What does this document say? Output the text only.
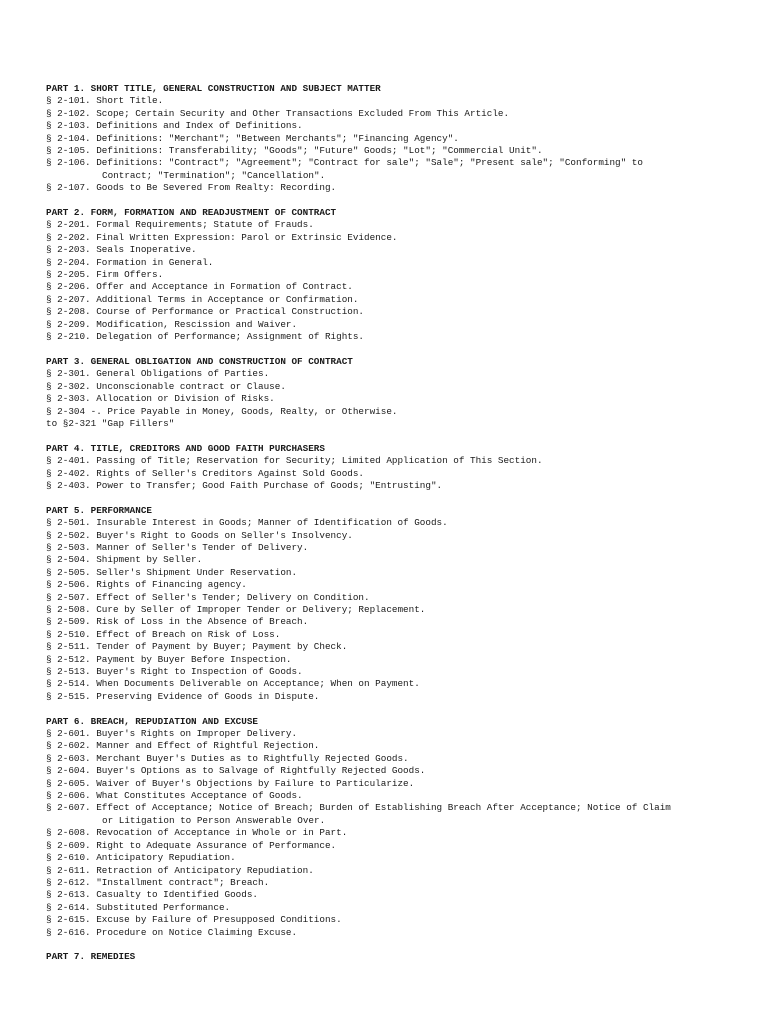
PART 1. SHORT TITLE, GENERAL CONSTRUCTION AND SUBJECT MATTER
§ 2-101. Short Title.
§ 2-102. Scope; Certain Security and Other Transactions Excluded From This Article.
§ 2-103. Definitions and Index of Definitions.
§ 2-104. Definitions: "Merchant"; "Between Merchants"; "Financing Agency".
§ 2-105. Definitions: Transferability; "Goods"; "Future" Goods; "Lot"; "Commercial Unit".
§ 2-106. Definitions: "Contract"; "Agreement"; "Contract for sale"; "Sale"; "Present sale"; "Conforming" to
Contract; "Termination"; "Cancellation".
§ 2-107. Goods to Be Severed From Realty: Recording.
PART 2. FORM, FORMATION AND READJUSTMENT OF CONTRACT
§ 2-201. Formal Requirements; Statute of Frauds.
§ 2-202. Final Written Expression: Parol or Extrinsic Evidence.
§ 2-203. Seals Inoperative.
§ 2-204. Formation in General.
§ 2-205. Firm Offers.
§ 2-206. Offer and Acceptance in Formation of Contract.
§ 2-207. Additional Terms in Acceptance or Confirmation.
§ 2-208. Course of Performance or Practical Construction.
§ 2-209. Modification, Rescission and Waiver.
§ 2-210. Delegation of Performance; Assignment of Rights.
PART 3. GENERAL OBLIGATION AND CONSTRUCTION OF CONTRACT
§ 2-301. General Obligations of Parties.
§ 2-302. Unconscionable contract or Clause.
§ 2-303. Allocation or Division of Risks.
§ 2-304 -. Price Payable in Money, Goods, Realty, or Otherwise.
to §2-321 "Gap Fillers"
PART 4. TITLE, CREDITORS AND GOOD FAITH PURCHASERS
§ 2-401. Passing of Title; Reservation for Security; Limited Application of This Section.
§ 2-402. Rights of Seller's Creditors Against Sold Goods.
§ 2-403. Power to Transfer; Good Faith Purchase of Goods; "Entrusting".
PART 5. PERFORMANCE
§ 2-501. Insurable Interest in Goods; Manner of Identification of Goods.
§ 2-502. Buyer's Right to Goods on Seller's Insolvency.
§ 2-503. Manner of Seller's Tender of Delivery.
§ 2-504. Shipment by Seller.
§ 2-505. Seller's Shipment Under Reservation.
§ 2-506. Rights of Financing agency.
§ 2-507. Effect of Seller's Tender; Delivery on Condition.
§ 2-508. Cure by Seller of Improper Tender or Delivery; Replacement.
§ 2-509. Risk of Loss in the Absence of Breach.
§ 2-510. Effect of Breach on Risk of Loss.
§ 2-511. Tender of Payment by Buyer; Payment by Check.
§ 2-512. Payment by Buyer Before Inspection.
§ 2-513. Buyer's Right to Inspection of Goods.
§ 2-514. When Documents Deliverable on Acceptance; When on Payment.
§ 2-515. Preserving Evidence of Goods in Dispute.
PART 6. BREACH, REPUDIATION AND EXCUSE
§ 2-601. Buyer's Rights on Improper Delivery.
§ 2-602. Manner and Effect of Rightful Rejection.
§ 2-603. Merchant Buyer's Duties as to Rightfully Rejected Goods.
§ 2-604. Buyer's Options as to Salvage of Rightfully Rejected Goods.
§ 2-605. Waiver of Buyer's Objections by Failure to Particularize.
§ 2-606. What Constitutes Acceptance of Goods.
§ 2-607. Effect of Acceptance; Notice of Breach; Burden of Establishing Breach After Acceptance; Notice of Claim
or Litigation to Person Answerable Over.
§ 2-608. Revocation of Acceptance in Whole or in Part.
§ 2-609. Right to Adequate Assurance of Performance.
§ 2-610. Anticipatory Repudiation.
§ 2-611. Retraction of Anticipatory Repudiation.
§ 2-612. "Installment contract"; Breach.
§ 2-613. Casualty to Identified Goods.
§ 2-614. Substituted Performance.
§ 2-615. Excuse by Failure of Presupposed Conditions.
§ 2-616. Procedure on Notice Claiming Excuse.
PART 7. REMEDIES
